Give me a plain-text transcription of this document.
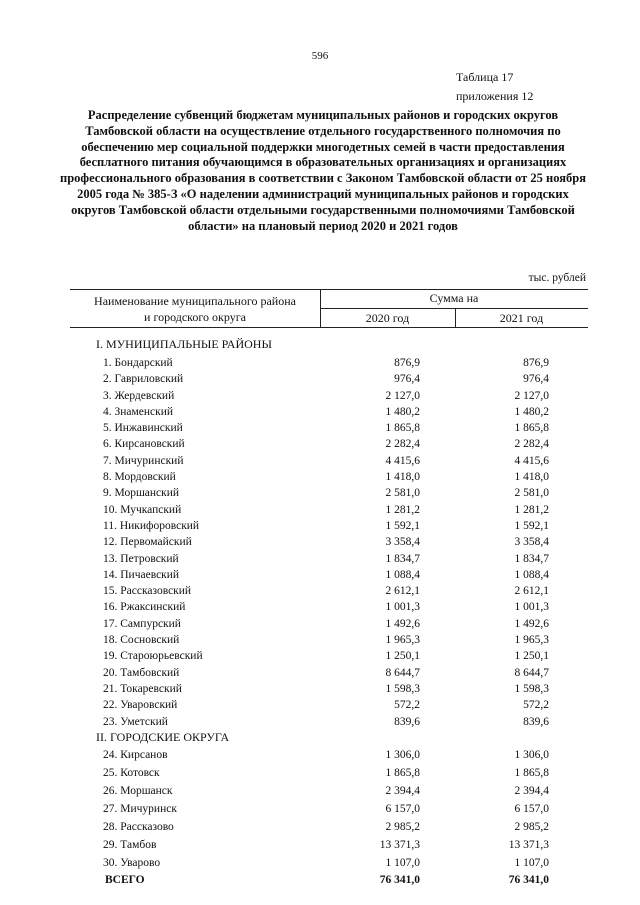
596
Таблица 17
приложения 12
Распределение субвенций бюджетам муниципальных районов и городских округов Тамбовской области на осуществление отдельного государственного полномочия по обеспечению мер социальной поддержки многодетных семей в части предоставления бесплатного питания обучающимся в образовательных организациях и организациях профессионального образования в соответствии с Законом Тамбовской области от 25 ноября 2005 года № 385-З «О наделении администраций муниципальных районов и городских округов Тамбовской области отдельными государственными полномочиями Тамбовской области» на плановый период 2020 и 2021 годов
тыс. рублей
Наименование муниципального района
и городского округа
Сумма на
2020 год	2021 год
I. МУНИЦИПАЛЬНЫЕ РАЙОНЫ
1. Бондарский	876,9	876,9
2. Гавриловский	976,4	976,4
3. Жердевский	2 127,0	2 127,0
4. Знаменский	1 480,2	1 480,2
5. Инжавинский	1 865,8	1 865,8
6. Кирсановский	2 282,4	2 282,4
7. Мичуринский	4 415,6	4 415,6
8. Мордовский	1 418,0	1 418,0
9. Моршанский	2 581,0	2 581,0
10. Мучкапский	1 281,2	1 281,2
11. Никифоровский	1 592,1	1 592,1
12. Первомайский	3 358,4	3 358,4
13. Петровский	1 834,7	1 834,7
14. Пичаевский	1 088,4	1 088,4
15. Рассказовский	2 612,1	2 612,1
16. Ржаксинский	1 001,3	1 001,3
17. Сампурский	1 492,6	1 492,6
18. Сосновский	1 965,3	1 965,3
19. Староюрьевский	1 250,1	1 250,1
20. Тамбовский	8 644,7	8 644,7
21. Токаревский	1 598,3	1 598,3
22. Уваровский	572,2	572,2
23. Уметский	839,6	839,6
II. ГОРОДСКИЕ ОКРУГА
24. Кирсанов	1 306,0	1 306,0
25. Котовск	1 865,8	1 865,8
26. Моршанск	2 394,4	2 394,4
27. Мичуринск	6 157,0	6 157,0
28. Рассказово	2 985,2	2 985,2
29. Тамбов	13 371,3	13 371,3
30. Уварово	1 107,0	1 107,0
ВСЕГО	76 341,0	76 341,0
